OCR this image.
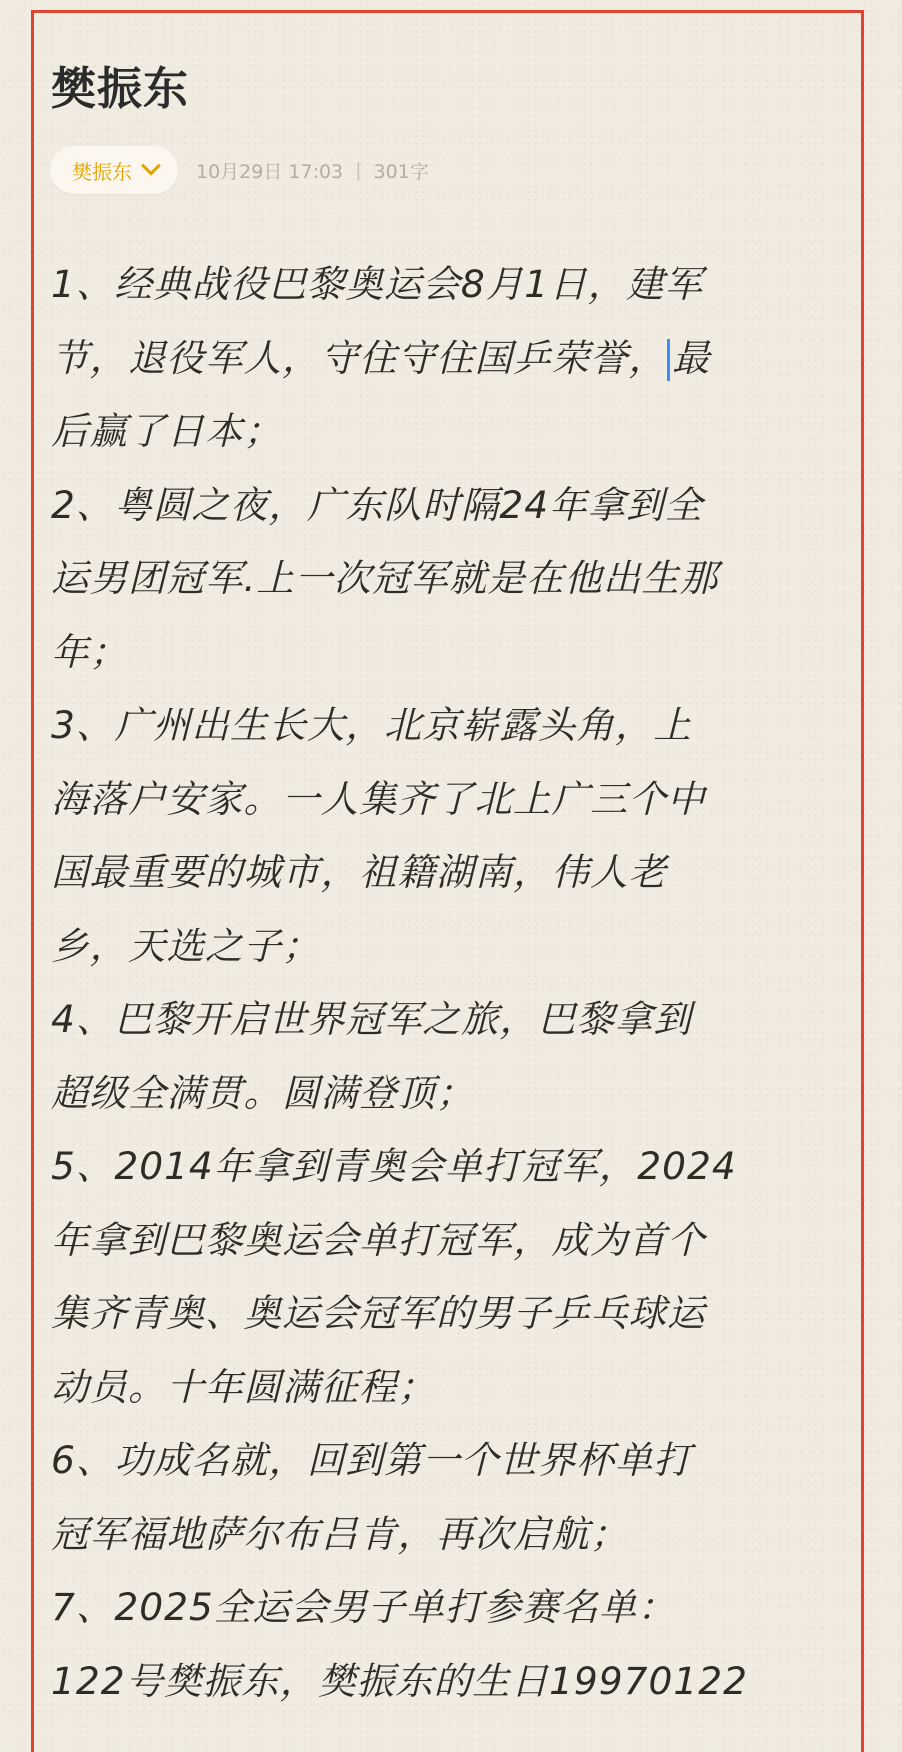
樊振东
樊振东	10月29日 17:03 | 301字
1、经典战役巴黎奥运会8月1日，建军
节，退役军人，守住守住国乒荣誉， 最
后赢了日本；
2、粤圆之夜，广东队时隔24年拿到全
运男团冠军.上一次冠军就是在他出生那
年；
3、广州出生长大，北京崭露头角，上
海落户安家。一人集齐了北上广三个中
国最重要的城市，祖籍湖南，伟人老
乡，天选之子；
4、巴黎开启世界冠军之旅，巴黎拿到
超级全满贯。圆满登顶；
5、2014年拿到青奥会单打冠军，2024
年拿到巴黎奥运会单打冠军，成为首个
集齐青奥、奥运会冠军的男子乒乓球运
动员。十年圆满征程；
6、功成名就，回到第一个世界杯单打
冠军福地萨尔布吕肯，再次启航；
7、2025全运会男子单打参赛名单：
122号樊振东，樊振东的生日19970122
